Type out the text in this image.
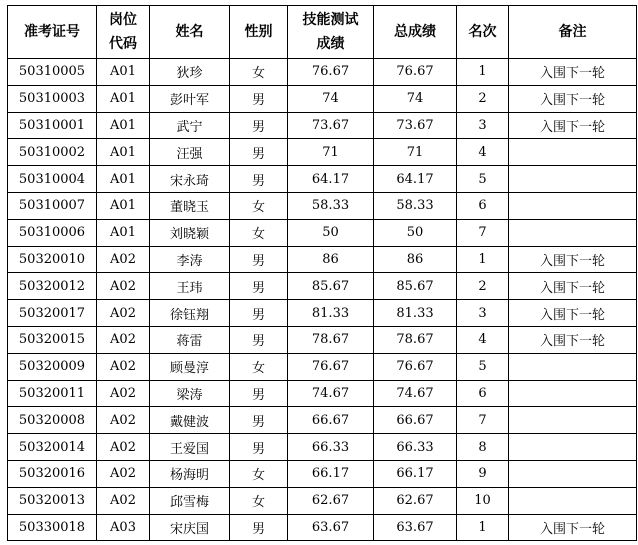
准考证号	岗位代码	姓名	性别	技能测试成绩	总成绩	名次	备注
50310005	A01	狄珍	女	76.67	76.67	1	入围下一轮
50310003	A01	彭叶军	男	74	74	2	入围下一轮
50310001	A01	武宁	男	73.67	73.67	3	入围下一轮
50310002	A01	汪强	男	71	71	4	
50310004	A01	宋永琦	男	64.17	64.17	5	
50310007	A01	董晓玉	女	58.33	58.33	6	
50310006	A01	刘晓颖	女	50	50	7	
50320010	A02	李涛	男	86	86	1	入围下一轮
50320012	A02	王玮	男	85.67	85.67	2	入围下一轮
50320017	A02	徐钰翔	男	81.33	81.33	3	入围下一轮
50320015	A02	蒋雷	男	78.67	78.67	4	入围下一轮
50320009	A02	顾曼淳	女	76.67	76.67	5	
50320011	A02	梁涛	男	74.67	74.67	6	
50320008	A02	戴健波	男	66.67	66.67	7	
50320014	A02	王爱国	男	66.33	66.33	8	
50320016	A02	杨海明	女	66.17	66.17	9	
50320013	A02	邱雪梅	女	62.67	62.67	10	
50330018	A03	宋庆国	男	63.67	63.67	1	入围下一轮
